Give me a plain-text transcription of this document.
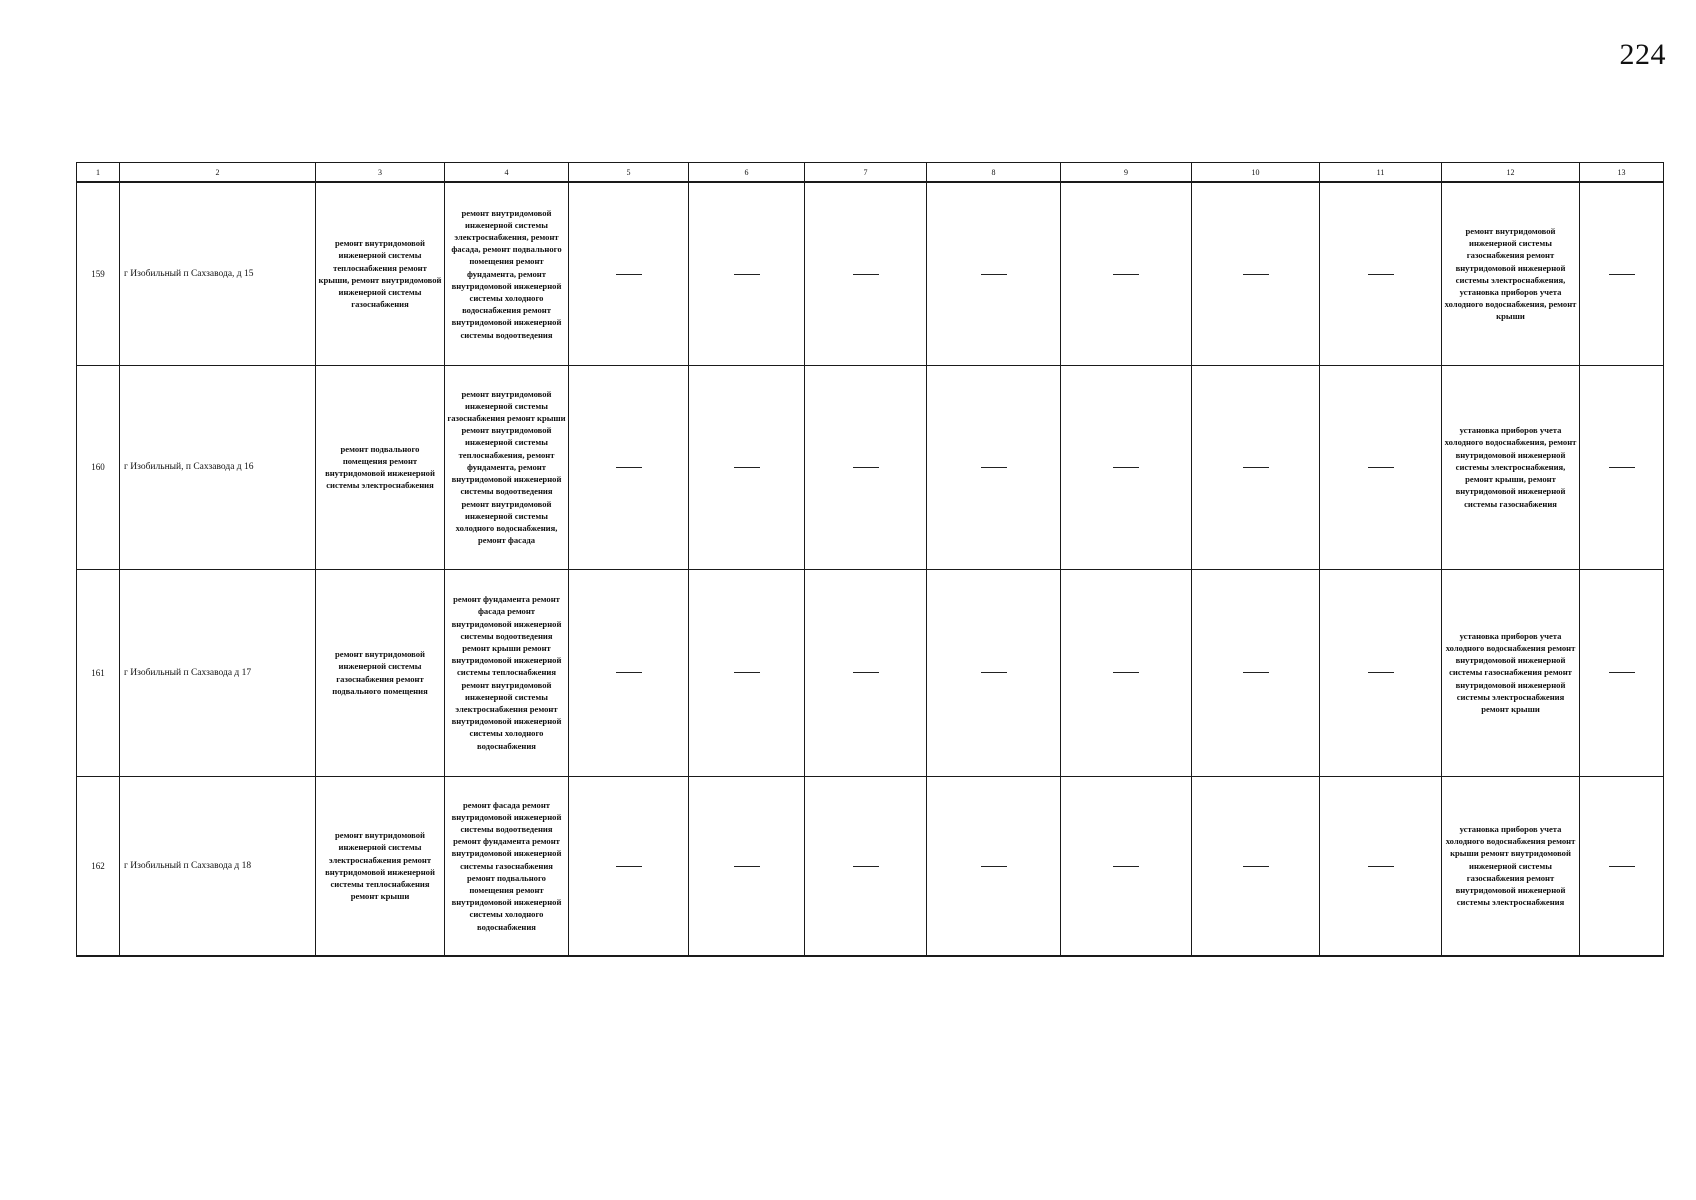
224
1	2	3	4	5	6	7	8	9	10	11	12	13
159	г Изобильный п Сахзавода, д 15	ремонт внутридомовой инженерной системы теплоснабжения ремонт крыши, ремонт внутридомовой инженерной системы газоснабжения	ремонт внутридомовой инженерной системы электроснабжения, ремонт фасада, ремонт подвального помещения ремонт фундамента, ремонт внутридомовой инженерной системы холодного водоснабжения ремонт внутридомовой инженерной системы водоотведения								ремонт внутридомовой инженерной системы газоснабжения ремонт внутридомовой инженерной системы электроснабжения, установка приборов учета холодного водоснабжения, ремонт крыши	
160	г Изобильный, п Сахзавода д 16	ремонт подвального помещения ремонт внутридомовой инженерной системы электроснабжения	ремонт внутридомовой инженерной системы газоснабжения ремонт крыши ремонт внутридомовой инженерной системы теплоснабжения, ремонт фундамента, ремонт внутридомовой инженерной системы водоотведения ремонт внутридомовой инженерной системы холодного водоснабжения, ремонт фасада								установка приборов учета холодного водоснабжения, ремонт внутридомовой инженерной системы электроснабжения, ремонт крыши, ремонт внутридомовой инженерной системы газоснабжения	
161	г Изобильный п Сахзавода д 17	ремонт внутридомовой инженерной системы газоснабжения ремонт подвального помещения	ремонт фундамента ремонт фасада ремонт внутридомовой инженерной системы водоотведения ремонт крыши ремонт внутридомовой инженерной системы теплоснабжения ремонт внутридомовой инженерной системы электроснабжения ремонт внутридомовой инженерной системы холодного водоснабжения								установка приборов учета холодного водоснабжения ремонт внутридомовой инженерной системы газоснабжения ремонт внутридомовой инженерной системы электроснабжения ремонт крыши	
162	г Изобильный п Сахзавода д 18	ремонт внутридомовой инженерной системы электроснабжения ремонт внутридомовой инженерной системы теплоснабжения ремонт крыши	ремонт фасада ремонт внутридомовой инженерной системы водоотведения ремонт фундамента ремонт внутридомовой инженерной системы газоснабжения ремонт подвального помещения ремонт внутридомовой инженерной системы холодного водоснабжения								установка приборов учета холодного водоснабжения ремонт крыши ремонт внутридомовой инженерной системы газоснабжения ремонт внутридомовой инженерной системы электроснабжения	
